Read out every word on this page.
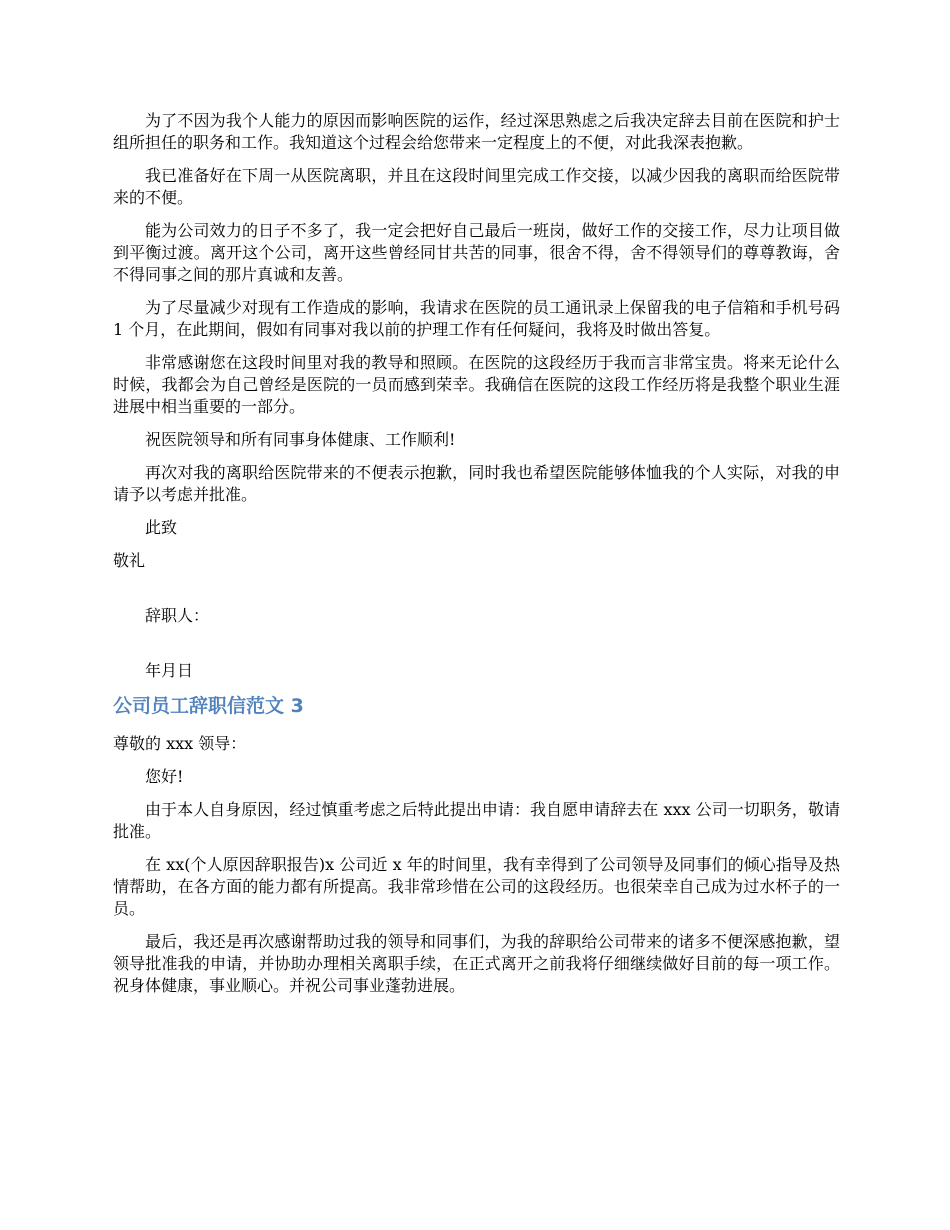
为了不因为我个人能力的原因而影响医院的运作，经过深思熟虑之后我决定辞去目前在医院和护士组所担任的职务和工作。我知道这个过程会给您带来一定程度上的不便，对此我深表抱歉。

我已准备好在下周一从医院离职，并且在这段时间里完成工作交接，以减少因我的离职而给医院带来的不便。

能为公司效力的日子不多了，我一定会把好自己最后一班岗，做好工作的交接工作，尽力让项目做到平衡过渡。离开这个公司，离开这些曾经同甘共苦的同事，很舍不得，舍不得领导们的尊尊教诲，舍不得同事之间的那片真诚和友善。

为了尽量减少对现有工作造成的影响，我请求在医院的员工通讯录上保留我的电子信箱和手机号码 1 个月，在此期间，假如有同事对我以前的护理工作有任何疑问，我将及时做出答复。

非常感谢您在这段时间里对我的教导和照顾。在医院的这段经历于我而言非常宝贵。将来无论什么时候，我都会为自己曾经是医院的一员而感到荣幸。我确信在医院的这段工作经历将是我整个职业生涯进展中相当重要的一部分。

祝医院领导和所有同事身体健康、工作顺利!

再次对我的离职给医院带来的不便表示抱歉，同时我也希望医院能够体恤我的个人实际，对我的申请予以考虑并批准。

此致

敬礼

辞职人：

年月日

公司员工辞职信范文 3

尊敬的 xxx 领导：

您好!

由于本人自身原因，经过慎重考虑之后特此提出申请：我自愿申请辞去在 xxx 公司一切职务，敬请批准。

在 xx(个人原因辞职报告)x 公司近 x 年的时间里，我有幸得到了公司领导及同事们的倾心指导及热情帮助，在各方面的能力都有所提高。我非常珍惜在公司的这段经历。也很荣幸自己成为过水杯子的一员。

最后，我还是再次感谢帮助过我的领导和同事们，为我的辞职给公司带来的诸多不便深感抱歉，望领导批准我的申请，并协助办理相关离职手续，在正式离开之前我将仔细继续做好目前的每一项工作。祝身体健康，事业顺心。并祝公司事业蓬勃进展。
